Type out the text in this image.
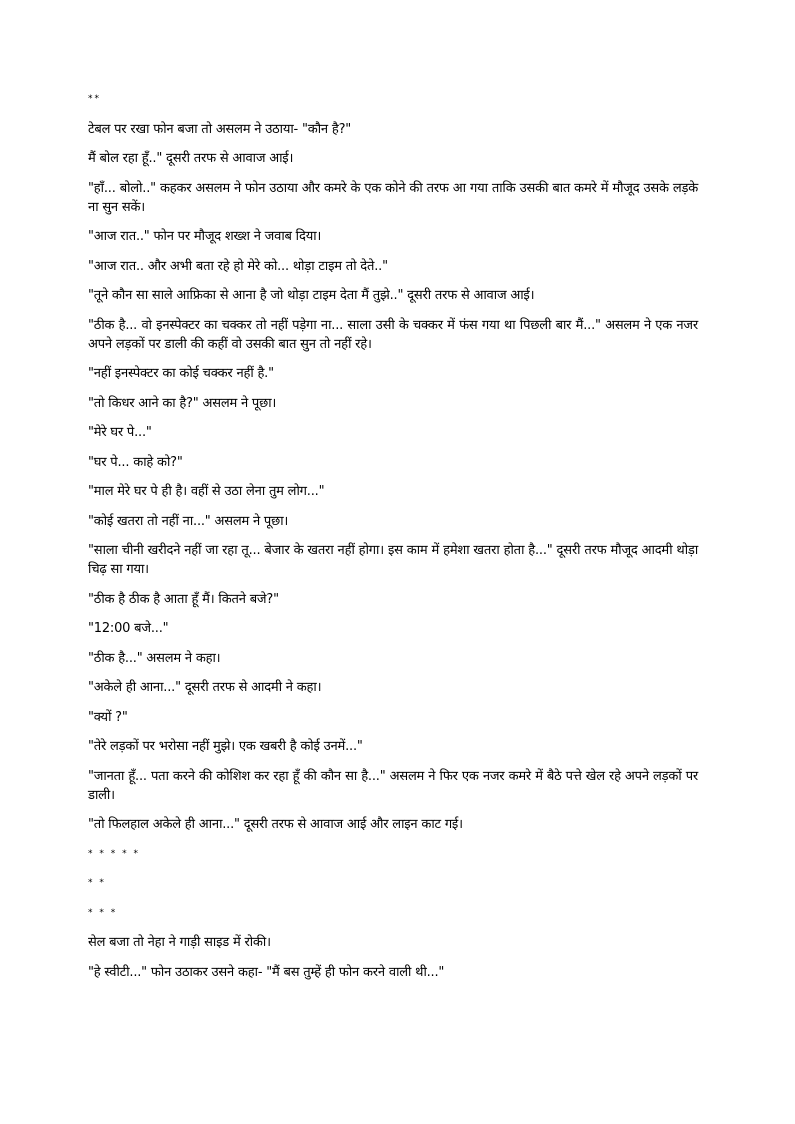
**

टेबल पर रखा फोन बजा तो असलम ने उठाया- "कौन है?"

मैं बोल रहा हूँ.." दूसरी तरफ से आवाज आई।

"हाँ... बोलो.." कहकर असलम ने फोन उठाया और कमरे के एक कोने की तरफ आ गया ताकि उसकी बात कमरे में मौजूद उसके लड़के ना सुन सकें।

"आज रात.." फोन पर मौजूद शख्श ने जवाब दिया।

"आज रात.. और अभी बता रहे हो मेरे को... थोड़ा टाइम तो देते.."

"तूने कौन सा साले आफ्रिका से आना है जो थोड़ा टाइम देता मैं तुझे.." दूसरी तरफ से आवाज आई।

"ठीक है... वो इनस्पेक्टर का चक्कर तो नहीं पड़ेगा ना... साला उसी के चक्कर में फंस गया था पिछली बार मैं..." असलम ने एक नजर अपने लड़कों पर डाली की कहीं वो उसकी बात सुन तो नहीं रहे।

"नहीं इनस्पेक्टर का कोई चक्कर नहीं है."

"तो किधर आने का है?" असलम ने पूछा।

"मेरे घर पे..."

"घर पे... काहे को?"

"माल मेरे घर पे ही है। वहीं से उठा लेना तुम लोग..."

"कोई खतरा तो नहीं ना..." असलम ने पूछा।

"साला चीनी खरीदने नहीं जा रहा तू... बेजार के खतरा नहीं होगा। इस काम में हमेशा खतरा होता है..." दूसरी तरफ मौजूद आदमी थोड़ा चिढ़ सा गया।

"ठीक है ठीक है आता हूँ मैं। कितने बजे?"

"12:00 बजे..."

"ठीक है..." असलम ने कहा।

"अकेले ही आना..." दूसरी तरफ से आदमी ने कहा।

"क्यों ?"

"तेरे लड़कों पर भरोसा नहीं मुझे। एक खबरी है कोई उनमें..."

"जानता हूँ... पता करने की कोशिश कर रहा हूँ की कौन सा है..." असलम ने फिर एक नजर कमरे में बैठे पत्ते खेल रहे अपने लड़कों पर डाली।

"तो फिलहाल अकेले ही आना..." दूसरी तरफ से आवाज आई और लाइन काट गई।

* * * * *

* *

* * *

सेल बजा तो नेहा ने गाड़ी साइड में रोकी।

"हे स्वीटी..." फोन उठाकर उसने कहा- "मैं बस तुम्हें ही फोन करने वाली थी..."
